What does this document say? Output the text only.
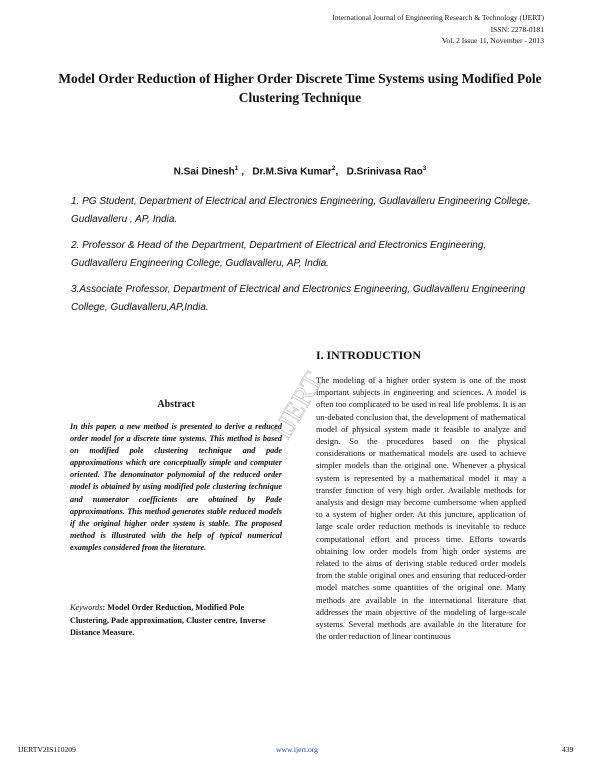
International Journal of Engineering Research & Technology (IJERT)
ISSN: 2278-0181
Vol. 2 Issue 11, November - 2013
Model Order Reduction of Higher Order Discrete Time Systems using Modified Pole Clustering Technique
N.Sai Dinesh$^1$ ,   Dr.M.Siva Kumar$^2$,   D.Srinivasa Rao$^3$
1. PG Student, Department of Electrical and Electronics Engineering, Gudlavalleru Engineering College, Gudlavalleru , AP, India.
2. Professor & Head of the Department, Department of Electrical and Electronics Engineering, Gudlavalleru Engineering College, Gudlavalleru, AP, India.
3.Associate Professor, Department of Electrical and Electronics Engineering, Gudlavalleru Engineering College, Gudlavalleru,AP,India.
IJERT
I. INTRODUCTION
The modeling of a higher order system is one of the most important subjects in engineering and sciences. A model is often too complicated to be used in real life problems. It is an un-debated conclusion that, the development of mathematical model of physical system made it feasible to analyze and design. So the procedures based on the physical considerations or mathematical models are used to achieve simpler models than the original one. Whenever a physical system is represented by a mathematical model it may a transfer function of very high order. Available methods for analysis and design may become cumbersome when applied to a system of higher order. At this juncture, application of large scale order reduction methods is inevitable to reduce computational effort and process time. Efforts towards obtaining low order models from high order systems are related to the aims of deriving stable reduced order models from the stable original ones and ensuring that reduced-order model matches some quantities of the original one. Many methods are available in the international literature that addresses the main objective of the modeling of large-scale systems. Several methods are available in the literature for the order reduction of linear continuous
Abstract
In this paper, a new method is presented to derive a reduced order model for a discrete time systems. This method is based on modified pole clustering technique and pade approximations which are conceptually simple and computer oriented. The denominator polynomial of the reduced order model is obtained by using modified pole clustering technique and numerator coefficients are obtained by Pade approximations. This method generates stable reduced models if the original higher order system is stable. The proposed method is illustrated with the help of typical numerical examples considered from the literature.
Keywords: Model Order Reduction, Modified Pole Clustering, Pade approximation, Cluster centre, Inverse Distance Measure.
IJERTV2IS110209	www.ijert.org	439
